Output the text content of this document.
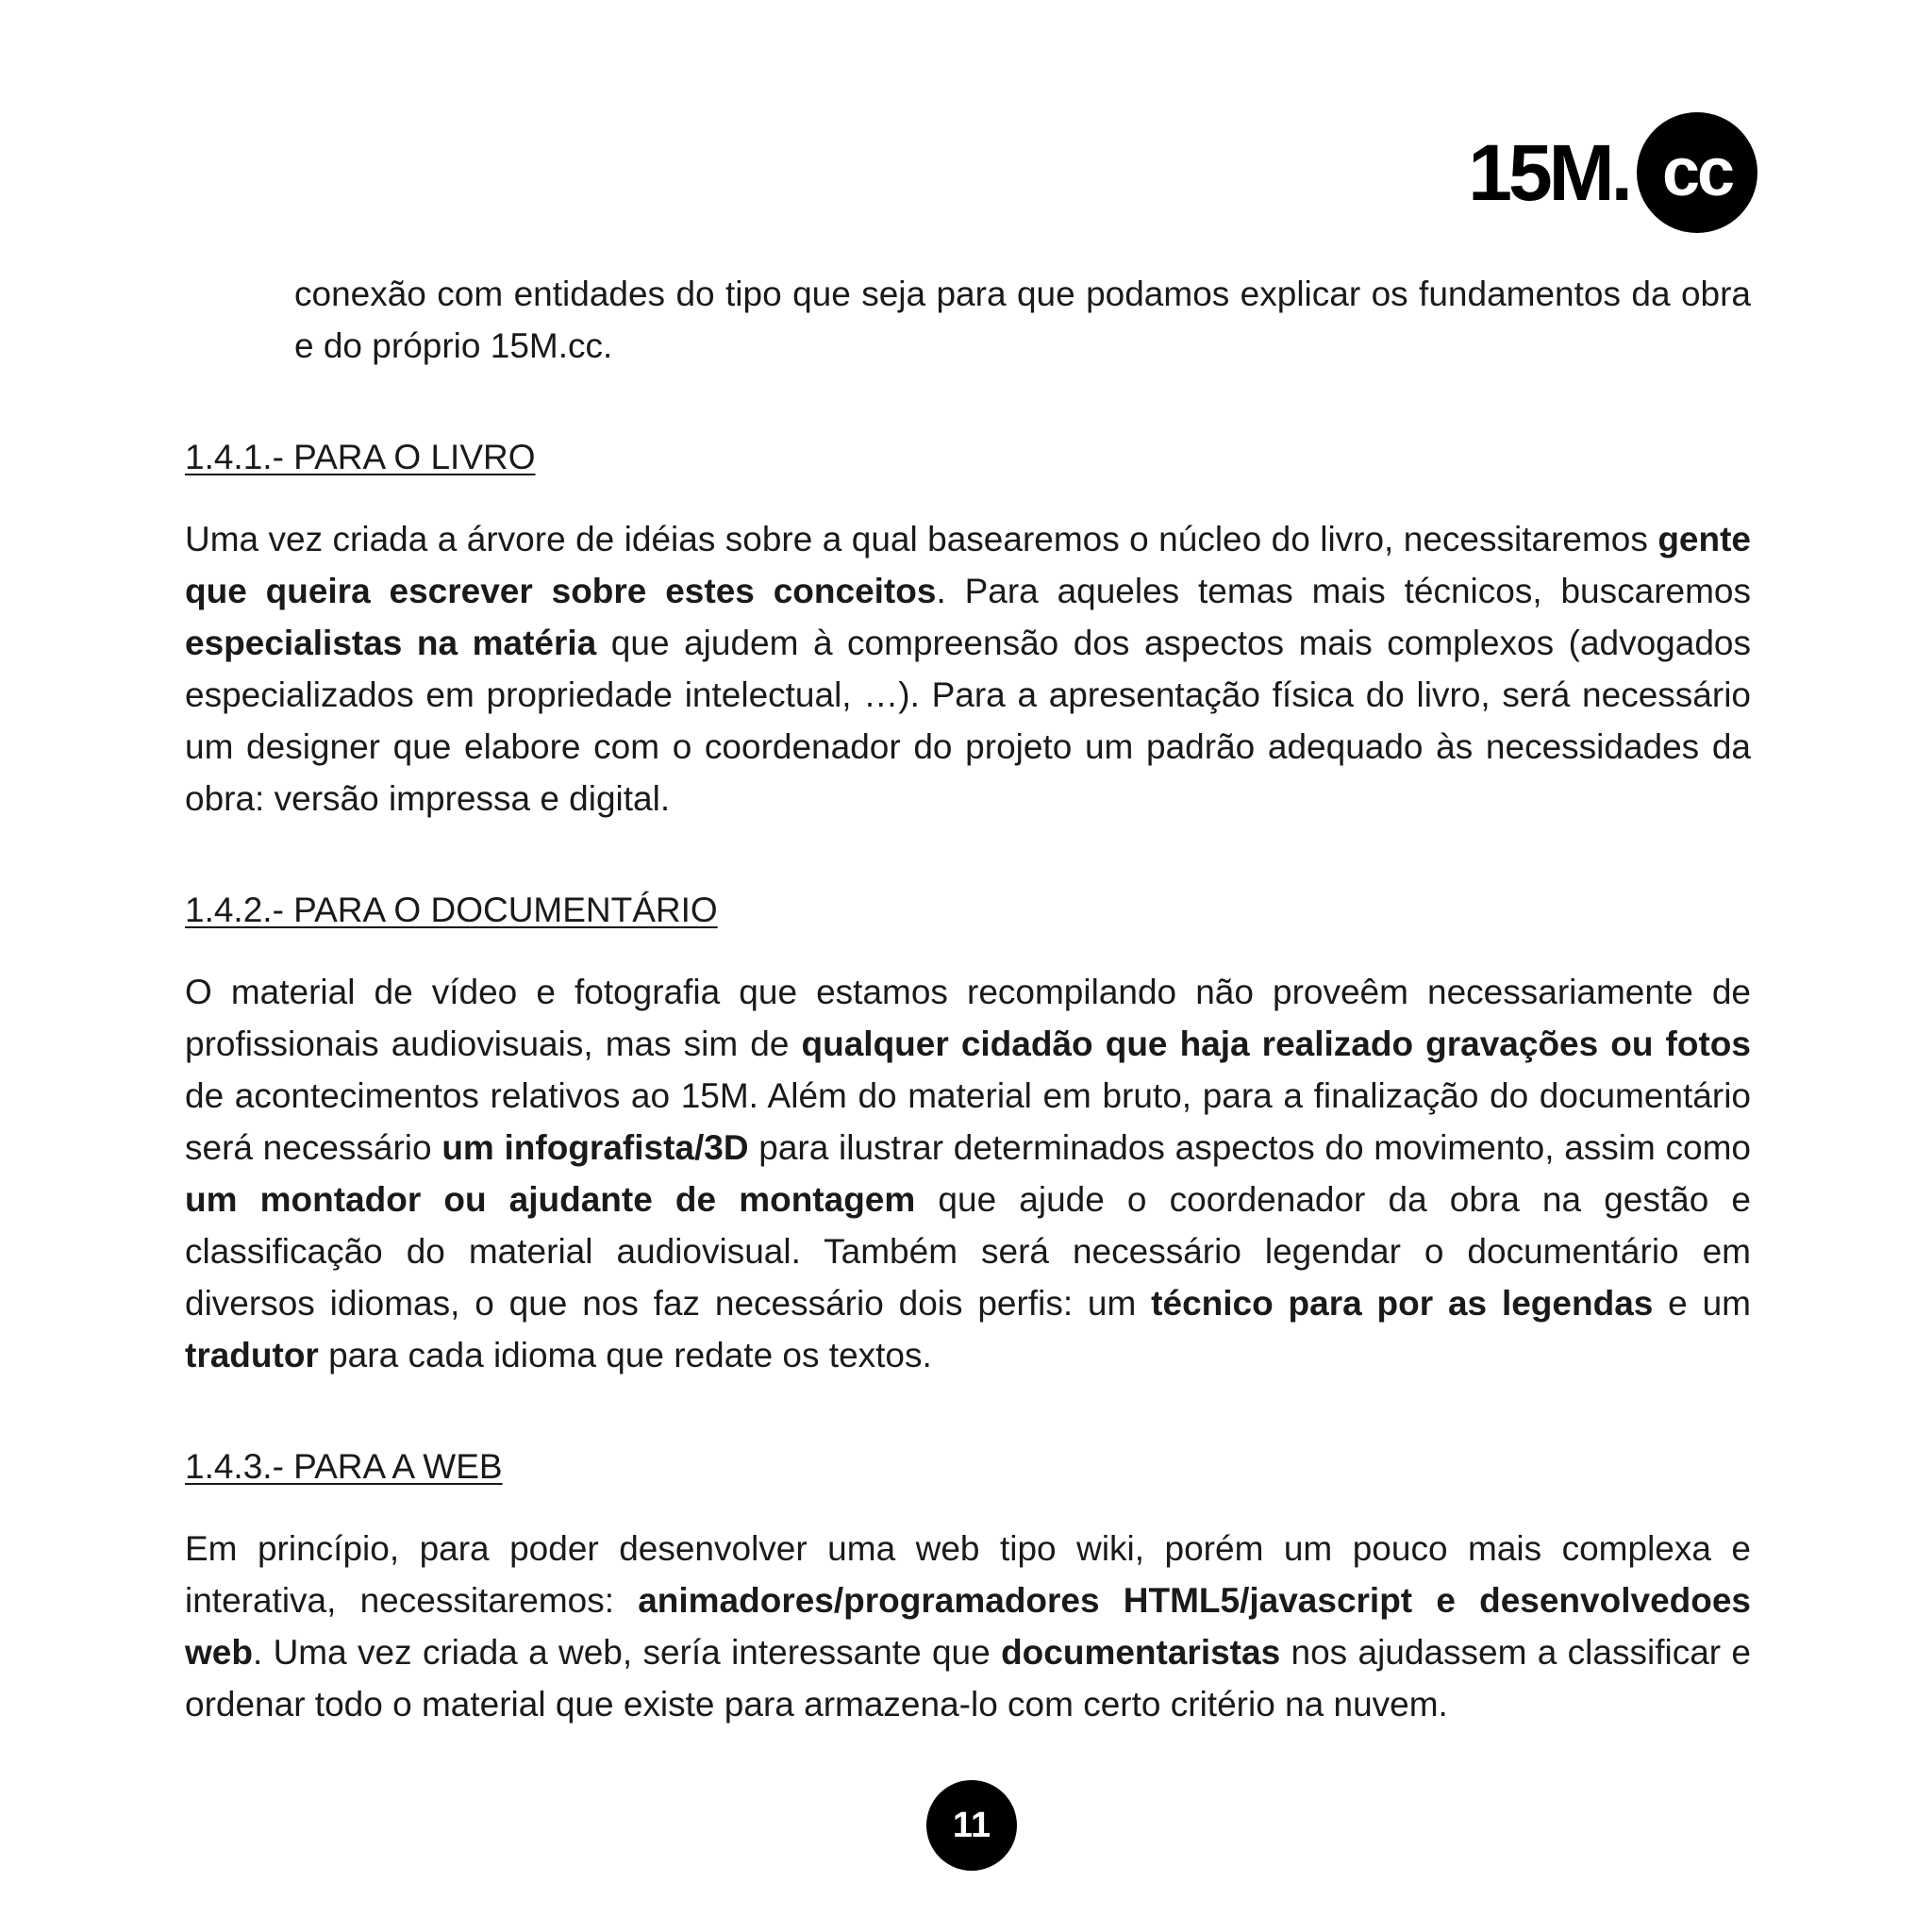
15M. cc

conexão com entidades do tipo que seja para que podamos explicar os fundamentos da obra e do próprio 15M.cc.

1.4.1.- PARA O LIVRO

Uma vez criada a árvore de idéias sobre a qual basearemos o núcleo do livro, necessitaremos gente que queira escrever sobre estes conceitos. Para aqueles temas mais técnicos, buscaremos especialistas na matéria que ajudem à compreensão dos aspectos mais complexos (advogados especializados em propriedade intelectual, …). Para a apresentação física do livro, será necessário um designer que elabore com o coordenador do projeto um padrão adequado às necessidades da obra: versão impressa e digital.

1.4.2.- PARA O DOCUMENTÁRIO

O material de vídeo e fotografia que estamos recompilando não proveêm necessariamente de profissionais audiovisuais, mas sim de qualquer cidadão que haja realizado gravações ou fotos de acontecimentos relativos ao 15M. Além do material em bruto, para a finalização do documentário será necessário um infografista/3D para ilustrar determinados aspectos do movimento, assim como um montador ou ajudante de montagem que ajude o coordenador da obra na gestão e classificação do material audiovisual. Também será necessário legendar o documentário em diversos idiomas, o que nos faz necessário dois perfis: um técnico para por as legendas e um tradutor para cada idioma que redate os textos.

1.4.3.- PARA A WEB

Em princípio, para poder desenvolver uma web tipo wiki, porém um pouco mais complexa e interativa, necessitaremos: animadores/programadores HTML5/javascript e desenvolvedoes web. Uma vez criada a web, sería interessante que documentaristas nos ajudassem a classificar e ordenar todo o material que existe para armazena-lo com certo critério na nuvem.

11
